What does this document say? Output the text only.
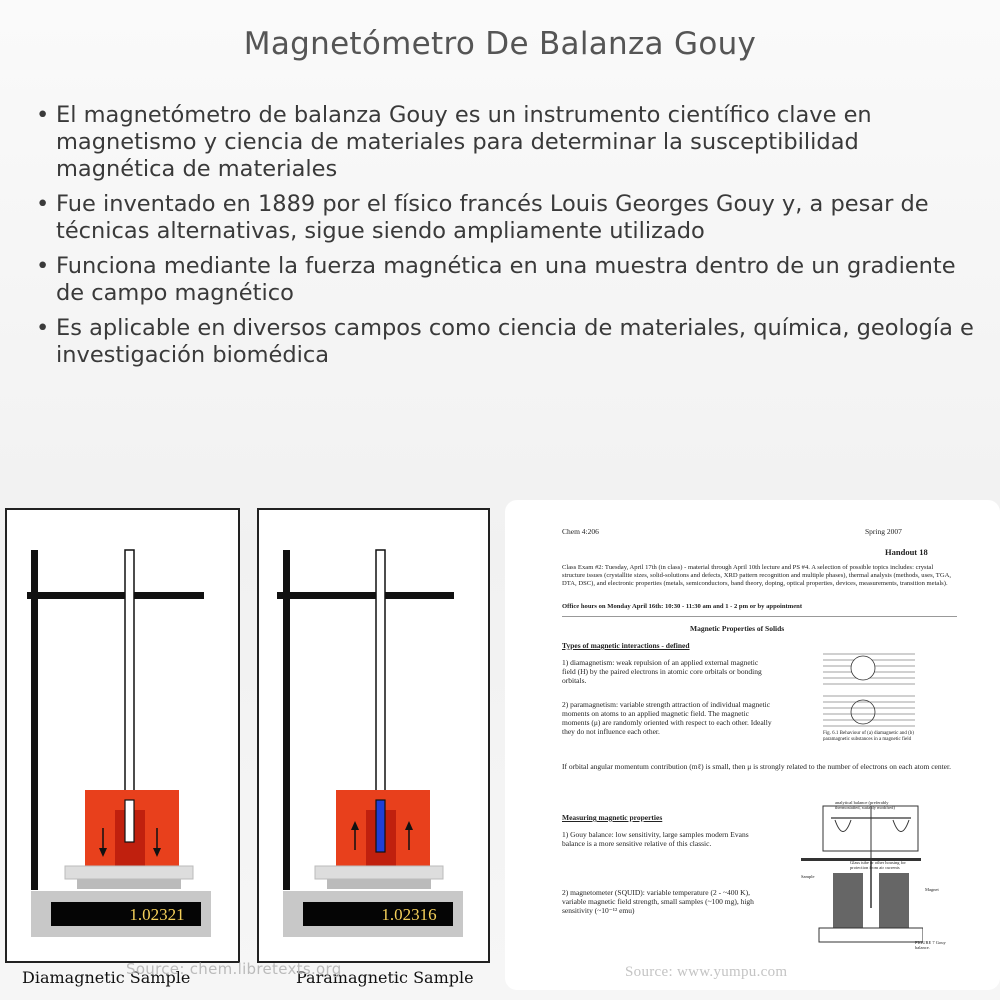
Magnetómetro De Balanza Gouy
• El magnetómetro de balanza Gouy es un instrumento científico clave en magnetismo y ciencia de materiales para determinar la susceptibilidad magnética de materiales
• Fue inventado en 1889 por el físico francés Louis Georges Gouy y, a pesar de técnicas alternativas, sigue siendo ampliamente utilizado
• Funciona mediante la fuerza magnética en una muestra dentro de un gradiente de campo magnético
• Es aplicable en diversos campos como ciencia de materiales, química, geología e investigación biomédica
1.02321	1.02316
Diamagnetic Sample	Paramagnetic Sample
Source: chem.libretexts.org
Chem 4:206	Spring 2007
Handout 18
Class Exam #2: Tuesday, April 17th (in class) - material through April 10th lecture and PS #4. A selection of possible topics includes: crystal structure issues (crystallite sizes, solid-solutions and defects, XRD pattern recognition and multiple phases), thermal analysis (methods, uses, TGA, DTA, DSC), and electronic properties (metals, semiconductors, band theory, doping, optical properties, devices, measurements, transition metals).
Office hours on Monday April 16th: 10:30 - 11:30 am and 1 - 2 pm or by appointment
Magnetic Properties of Solids
Types of magnetic interactions - defined
1) diamagnetism: weak repulsion of an applied external magnetic field (H) by the paired electrons in atomic core orbitals or bonding orbitals.
2) paramagnetism: variable strength attraction of individual magnetic moments on atoms to an applied magnetic field. The magnetic moments (μ) are randomly oriented with respect to each other. Ideally they do not influence each other.	Fig. 6.1 Behaviour of (a) diamagnetic and (b) paramagnetic substances in a magnetic field
If orbital angular momentum contribution (mℓ) is small, then μ is strongly related to the number of electrons on each atom center.
Measuring magnetic properties
1) Gouy balance: low sensitivity, large samples modern Evans balance is a more sensitive relative of this classic.
2) magnetometer (SQUID): variable temperature (2 - ~400 K), variable magnetic field strength, small samples (~100 mg), high sensitivity (~10⁻¹² emu)
analytical balance (preferably thermostatted, suitably modified)
Sample
Magnet
Glass tube or other housing for protection from air currents
FIGURE 7 Gouy balance.
Source: www.yumpu.com
